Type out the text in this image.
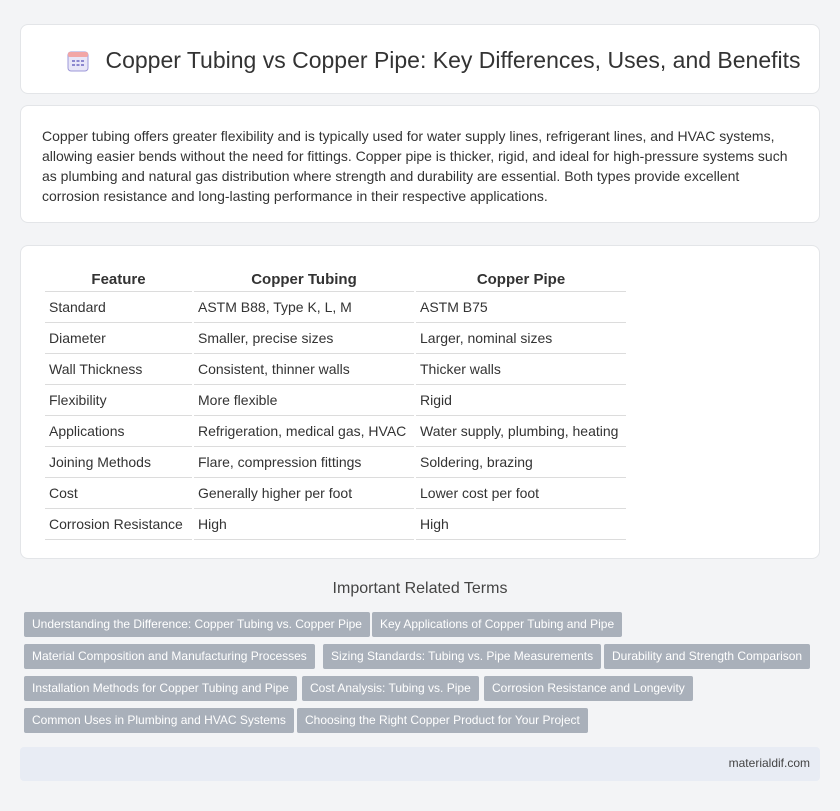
Copper Tubing vs Copper Pipe: Key Differences, Uses, and Benefits

Copper tubing offers greater flexibility and is typically used for water supply lines, refrigerant lines, and HVAC systems, allowing easier bends without the need for fittings. Copper pipe is thicker, rigid, and ideal for high-pressure systems such as plumbing and natural gas distribution where strength and durability are essential. Both types provide excellent corrosion resistance and long-lasting performance in their respective applications.

Feature	Copper Tubing	Copper Pipe
Standard	ASTM B88, Type K, L, M	ASTM B75
Diameter	Smaller, precise sizes	Larger, nominal sizes
Wall Thickness	Consistent, thinner walls	Thicker walls
Flexibility	More flexible	Rigid
Applications	Refrigeration, medical gas, HVAC	Water supply, plumbing, heating
Joining Methods	Flare, compression fittings	Soldering, brazing
Cost	Generally higher per foot	Lower cost per foot
Corrosion Resistance	High	High
Important Related Terms
Understanding the Difference: Copper Tubing vs. Copper Pipe	Key Applications of Copper Tubing and Pipe
Material Composition and Manufacturing Processes	Sizing Standards: Tubing vs. Pipe Measurements	Durability and Strength Comparison
Installation Methods for Copper Tubing and Pipe	Cost Analysis: Tubing vs. Pipe	Corrosion Resistance and Longevity
Common Uses in Plumbing and HVAC Systems	Choosing the Right Copper Product for Your Project
materialdif.com
